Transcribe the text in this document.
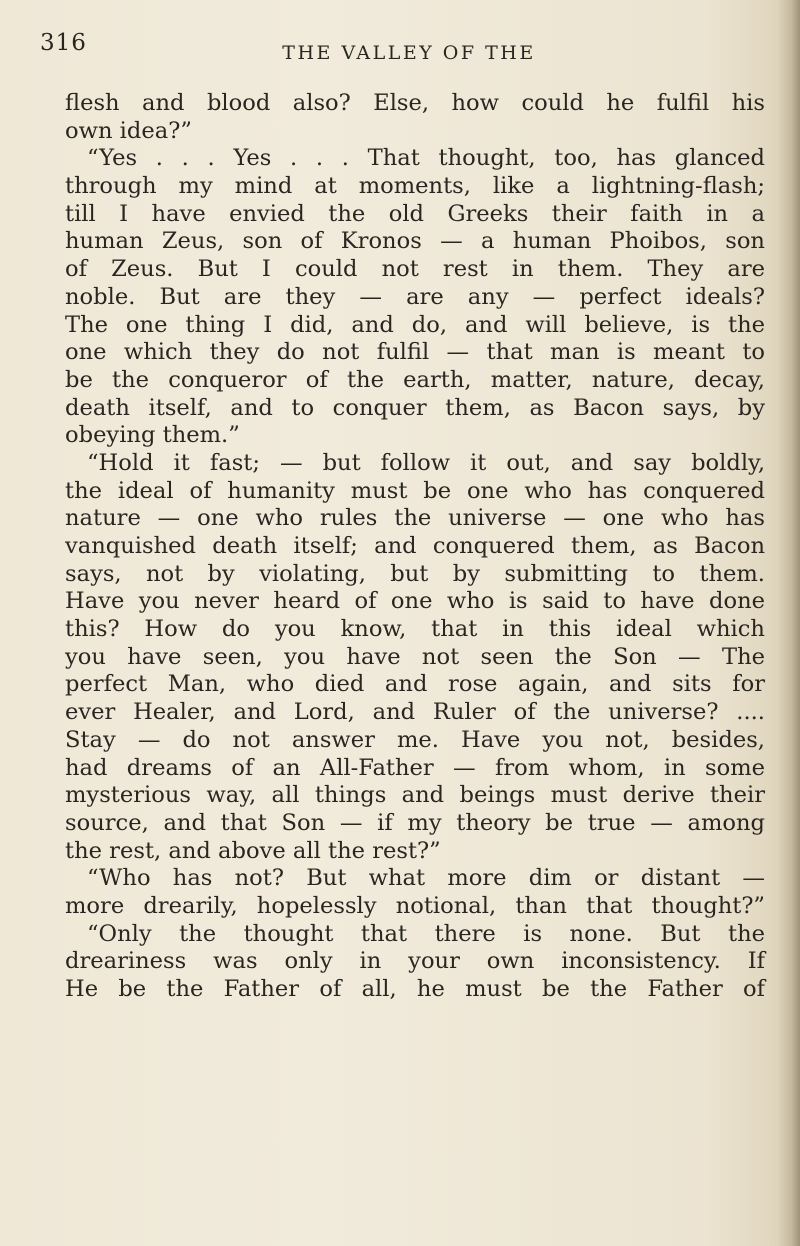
316	THE VALLEY OF THE
flesh and blood also? Else, how could he fulfil his
own idea?”
“Yes . . . Yes . . . That thought, too, has glanced
through my mind at moments, like a lightning-flash;
till I have envied the old Greeks their faith in a
human Zeus, son of Kronos — a human Phoibos, son
of Zeus. But I could not rest in them. They are
noble. But are they — are any — perfect ideals?
The one thing I did, and do, and will believe, is the
one which they do not fulfil — that man is meant to
be the conqueror of the earth, matter, nature, decay,
death itself, and to conquer them, as Bacon says, by
obeying them.”
“Hold it fast; — but follow it out, and say boldly,
the ideal of humanity must be one who has conquered
nature — one who rules the universe — one who has
vanquished death itself; and conquered them, as Bacon
says, not by violating, but by submitting to them.
Have you never heard of one who is said to have done
this? How do you know, that in this ideal which
you have seen, you have not seen the Son — The
perfect Man, who died and rose again, and sits for
ever Healer, and Lord, and Ruler of the universe? ....
Stay — do not answer me. Have you not, besides,
had dreams of an All-Father — from whom, in some
mysterious way, all things and beings must derive their
source, and that Son — if my theory be true — among
the rest, and above all the rest?”
“Who has not? But what more dim or distant —
more drearily, hopelessly notional, than that thought?”
“Only the thought that there is none. But the
dreariness was only in your own inconsistency. If
He be the Father of all, he must be the Father of
